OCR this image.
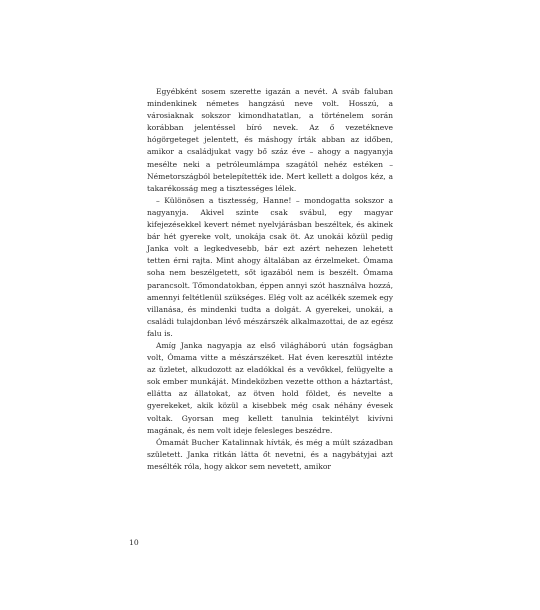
Egyébként sosem szerette igazán a nevét. A sváb faluban mindenkinek németes hangzású neve volt. Hosszú, a városiaknak sokszor kimondhatatlan, a történelem során korábban jelentéssel bíró nevek. Az ő vezetékneve hógörgeteget jelentett, és máshogy írták abban az időben, amikor a családjukat vagy bő száz éve – ahogy a nagyanyja mesélte neki a petróleumlámpa szagától nehéz estéken – Németországból betelepítették ide. Mert kellett a dolgos kéz, a takarékosság meg a tisztességes lélek.

– Különösen a tisztesség, Hanne! – mondogatta sokszor a nagyanyja. Akivel szinte csak svábul, egy magyar kifejezésekkel kevert német nyelvjárásban beszéltek, és akinek bár hét gyereke volt, unokája csak öt. Az unokái közül pedig Janka volt a legkedvesebb, bár ezt azért nehezen lehetett tetten érni rajta. Mint ahogy általában az érzelmeket. Ómama soha nem beszélgetett, sőt igazából nem is beszélt. Ómama parancsolt. Tőmondatokban, éppen annyi szót használva hozzá, amennyi feltétlenül szükséges. Elég volt az acélkék szemek egy villanása, és mindenki tudta a dolgát. A gyerekei, unokái, a családi tulajdonban lévő mészárszék alkalmazottai, de az egész falu is.

Amíg Janka nagyapja az első világháború után fogságban volt, Ómama vitte a mészárszéket. Hat éven keresztül intézte az üzletet, alkudozott az eladókkal és a vevőkkel, felügyelte a sok ember munkáját. Mindeközben vezette otthon a háztartást, ellátta az állatokat, az ötven hold földet, és nevelte a gyerekeket, akik közül a kisebbek még csak néhány évesek voltak. Gyorsan meg kellett tanulnia tekintélyt kivívni magának, és nem volt ideje felesleges beszédre.

Ómamát Bucher Katalinnak hívták, és még a múlt században született. Janka ritkán látta őt nevetni, és a nagybátyjai azt mesélték róla, hogy akkor sem nevetett, amikor

10
